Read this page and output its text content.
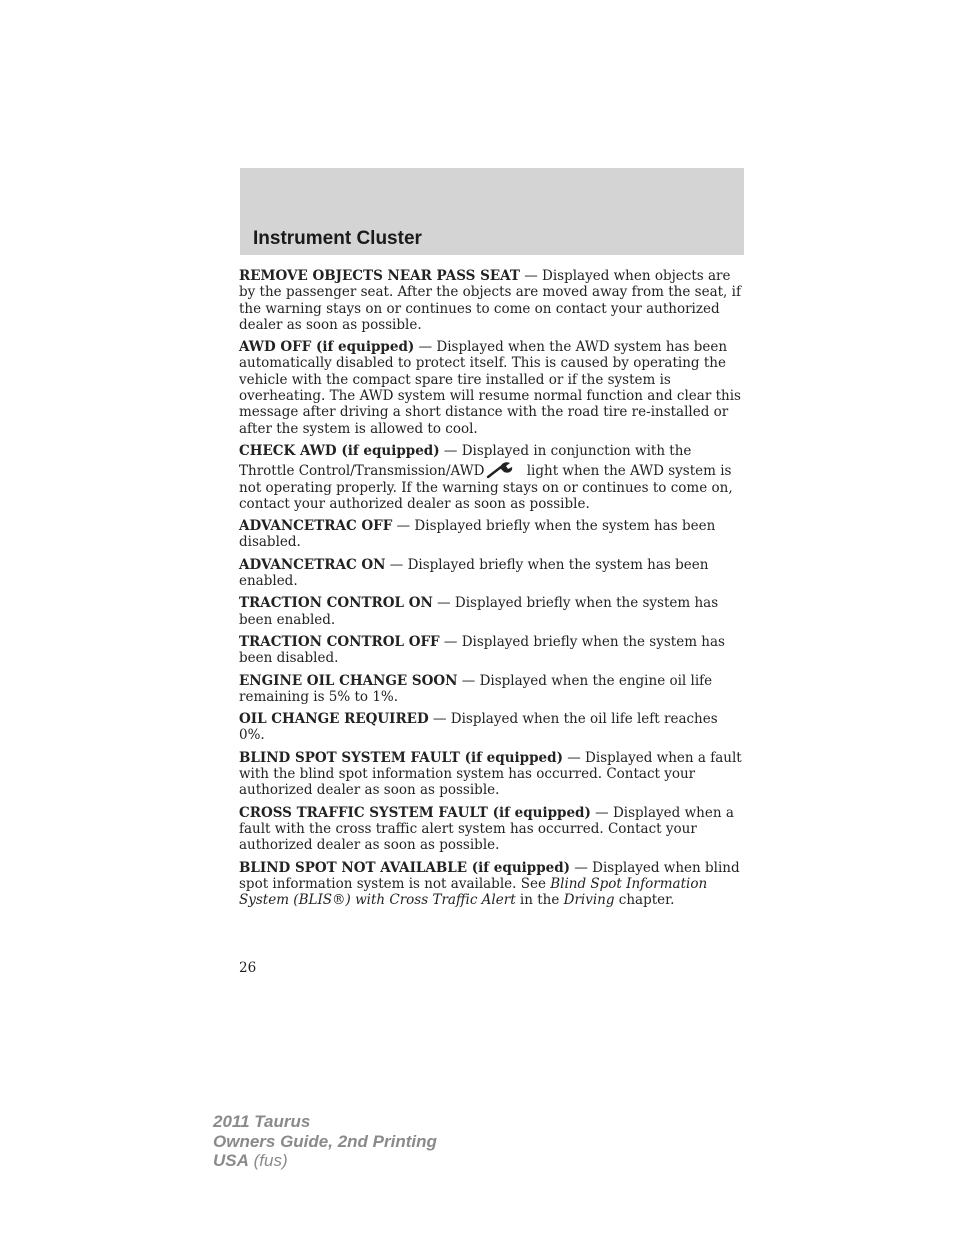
Instrument Cluster

REMOVE OBJECTS NEAR PASS SEAT — Displayed when objects are by the passenger seat. After the objects are moved away from the seat, if the warning stays on or continues to come on contact your authorized dealer as soon as possible.

AWD OFF (if equipped) — Displayed when the AWD system has been automatically disabled to protect itself. This is caused by operating the vehicle with the compact spare tire installed or if the system is overheating. The AWD system will resume normal function and clear this message after driving a short distance with the road tire re-installed or after the system is allowed to cool.

CHECK AWD (if equipped) — Displayed in conjunction with the Throttle Control/Transmission/AWD	light when the AWD system is not operating properly. If the warning stays on or continues to come on, contact your authorized dealer as soon as possible.

ADVANCETRAC OFF — Displayed briefly when the system has been disabled.

ADVANCETRAC ON — Displayed briefly when the system has been enabled.

TRACTION CONTROL ON — Displayed briefly when the system has been enabled.

TRACTION CONTROL OFF — Displayed briefly when the system has been disabled.

ENGINE OIL CHANGE SOON — Displayed when the engine oil life remaining is 5% to 1%.

OIL CHANGE REQUIRED — Displayed when the oil life left reaches 0%.

BLIND SPOT SYSTEM FAULT (if equipped) — Displayed when a fault with the blind spot information system has occurred. Contact your authorized dealer as soon as possible.

CROSS TRAFFIC SYSTEM FAULT (if equipped) — Displayed when a fault with the cross traffic alert system has occurred. Contact your authorized dealer as soon as possible.

BLIND SPOT NOT AVAILABLE (if equipped) — Displayed when blind spot information system is not available. See Blind Spot Information System (BLIS®) with Cross Traffic Alert in the Driving chapter.

26
2011 Taurus
Owners Guide, 2nd Printing
USA (fus)
